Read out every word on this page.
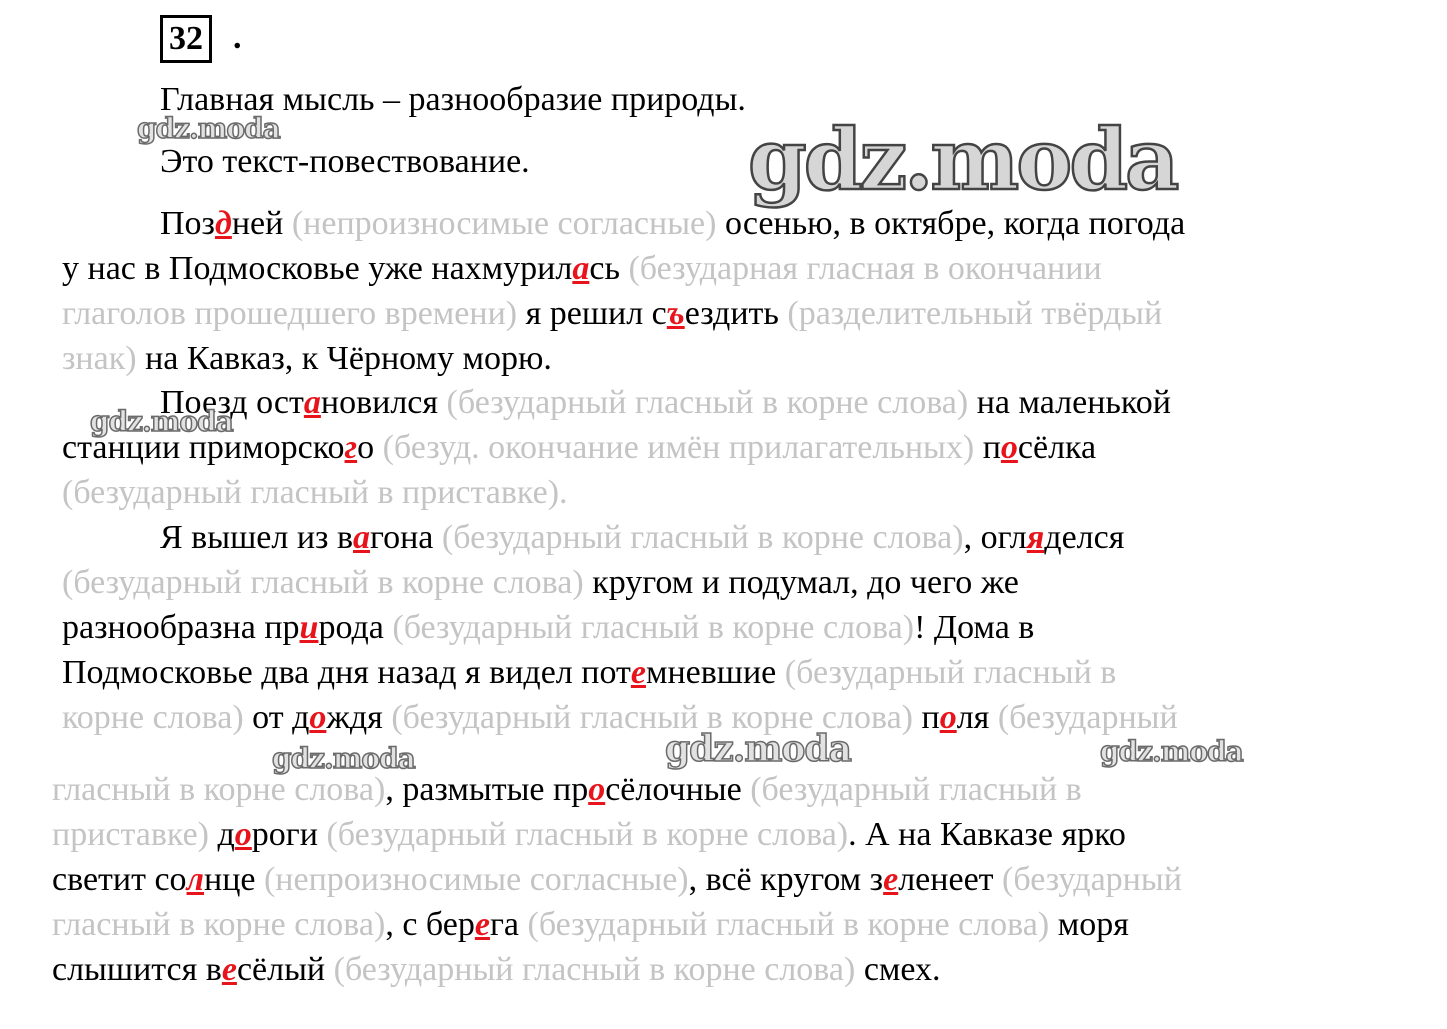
32 .
Главная мысль – разнообразие природы.
Это текст-повествование.
Поздней (непроизносимые согласные) осенью, в октябре, когда погода
у нас в Подмосковье уже нахмурилась (безударная гласная в окончании
глаголов прошедшего времени) я решил съездить (разделительный твёрдый
знак) на Кавказ, к Чёрному морю.
Поезд остановился (безударный гласный в корне слова) на маленькой
станции приморского (безуд. окончание имён прилагательных) посёлка
(безударный гласный в приставке).
Я вышел из вагона (безударный гласный в корне слова), огляделся
(безударный гласный в корне слова) кругом и подумал, до чего же
разнообразна природа (безударный гласный в корне слова)! Дома в
Подмосковье два дня назад я видел потемневшие (безударный гласный в
корне слова) от дождя (безударный гласный в корне слова) поля (безударный
гласный в корне слова), размытые просёлочные (безударный гласный в
приставке) дороги (безударный гласный в корне слова). А на Кавказе ярко
светит солнце (непроизносимые согласные), всё кругом зеленеет (безударный
гласный в корне слова), с берега (безударный гласный в корне слова) моря
слышится весёлый (безударный гласный в корне слова) смех.
gdz.moda	gdz.moda
gdz.moda
gdz.moda	gdz.moda	gdz.moda
